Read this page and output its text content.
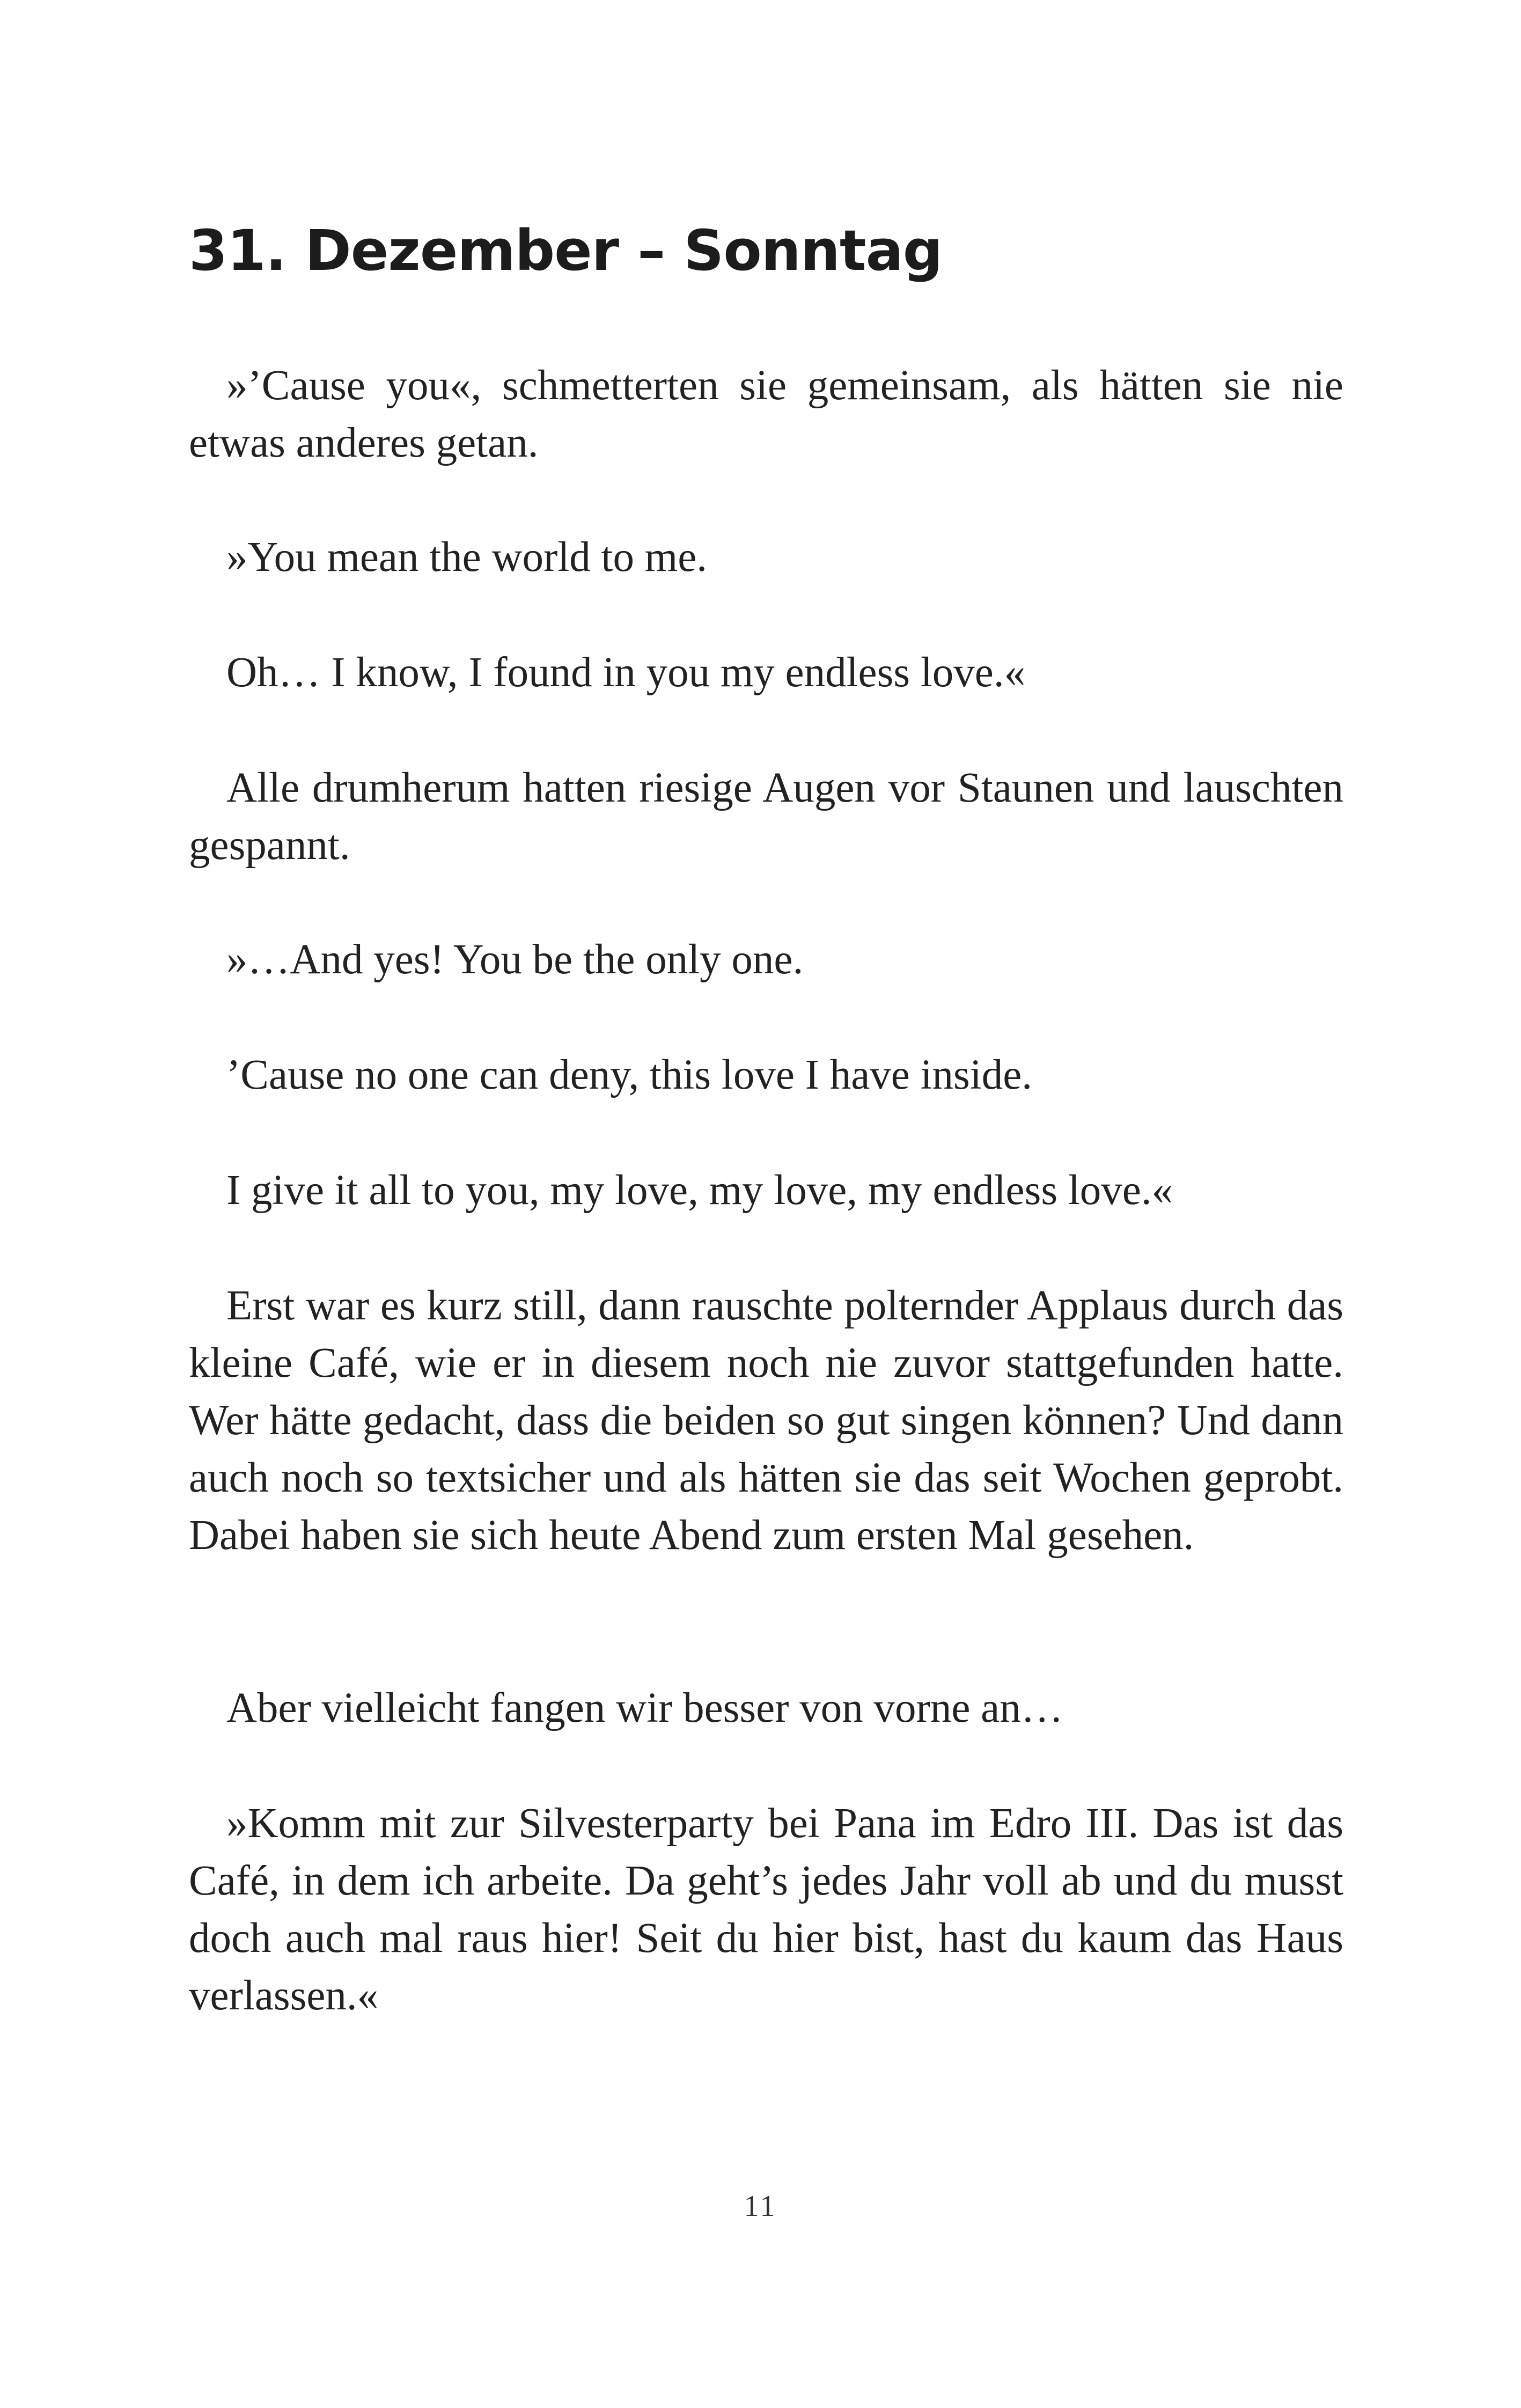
31. Dezember – Sonntag

»’Cause you«, schmetterten sie gemeinsam, als hätten sie nie etwas anderes getan.

»You mean the world to me.

Oh… I know, I found in you my endless love.«

Alle drumherum hatten riesige Augen vor Staunen und lauschten gespannt.

»…And yes! You be the only one.

’Cause no one can deny, this love I have inside.

I give it all to you, my love, my love, my endless love.«

Erst war es kurz still, dann rauschte polternder Applaus durch das kleine Café, wie er in diesem noch nie zuvor stattgefunden hatte. Wer hätte gedacht, dass die beiden so gut singen können? Und dann auch noch so textsicher und als hätten sie das seit Wochen geprobt. Dabei haben sie sich heute Abend zum ersten Mal gesehen.

Aber vielleicht fangen wir besser von vorne an…

»Komm mit zur Silvesterparty bei Pana im Edro III. Das ist das Café, in dem ich arbeite. Da geht’s jedes Jahr voll ab und du musst doch auch mal raus hier! Seit du hier bist, hast du kaum das Haus verlassen.«

11
